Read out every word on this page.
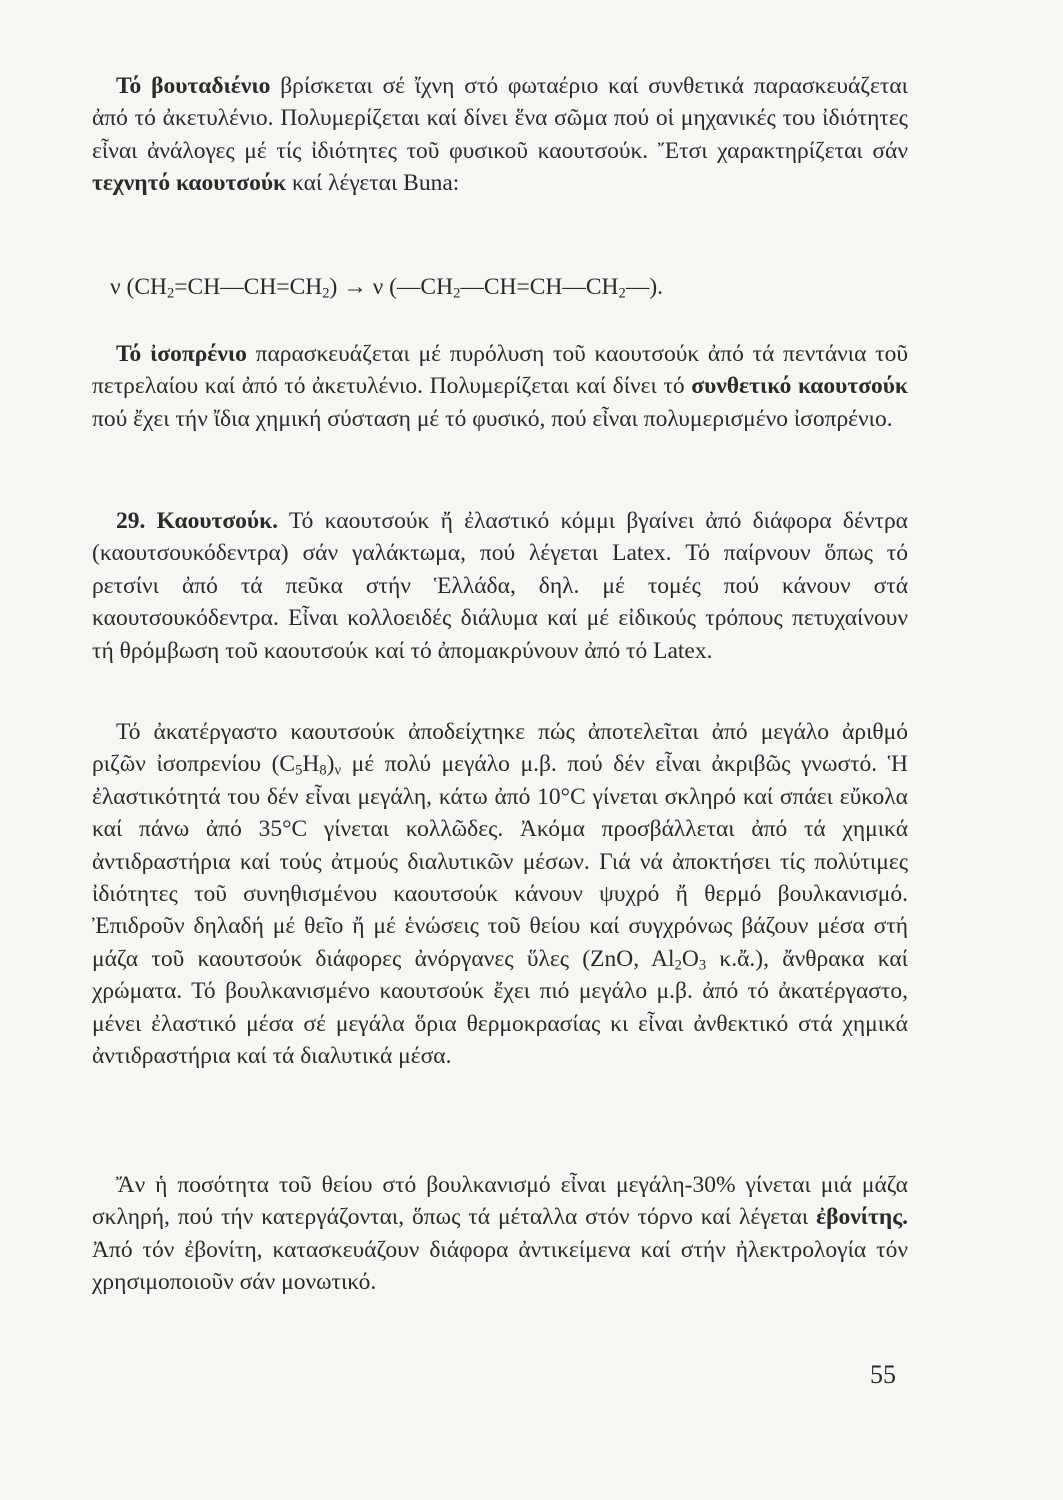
Τό βουταδιένιο βρίσκεται σέ ἴχνη στό φωταέριο καί συνθετικά παρασκευάζεται ἀπό τό ἀκετυλένιο. Πολυμερίζεται καί δίνει ἕνα σῶμα πού οἱ μηχανικές του ἰδιότητες εἶναι ἀνάλογες μέ τίς ἰδιότητες τοῦ φυσικοῦ καουτσούκ. Ἔτσι χαρακτηρίζεται σάν τεχνητό καουτσούκ καί λέγεται Buna:

ν $(CH_2=CH—CH=CH_2) \to \nu$ $(—CH_2—CH=CH—CH_2—)$.

Τό ἰσοπρένιο παρασκευάζεται μέ πυρόλυση τοῦ καουτσούκ ἀπό τά πεντάνια τοῦ πετρελαίου καί ἀπό τό ἀκετυλένιο. Πολυμερίζεται καί δίνει τό συνθετικό καουτσούκ πού ἔχει τήν ἴδια χημική σύσταση μέ τό φυσικό, πού εἶναι πολυμερισμένο ἰσοπρένιο.

29. Καουτσούκ. Τό καουτσούκ ἤ ἐλαστικό κόμμι βγαίνει ἀπό διάφορα δέντρα (καουτσουκόδεντρα) σάν γαλάκτωμα, πού λέγεται Latex. Τό παίρνουν ὅπως τό ρετσίνι ἀπό τά πεῦκα στήν Ἑλλάδα, δηλ. μέ τομές πού κάνουν στά καουτσουκόδεντρα. Εἶναι κολλοειδές διάλυμα καί μέ εἰδικούς τρόπους πετυχαίνουν τή θρόμβωση τοῦ καουτσούκ καί τό ἀπομακρύνουν ἀπό τό Latex.

Τό ἀκατέργαστο καουτσούκ ἀποδείχτηκε πώς ἀποτελεῖται ἀπό μεγάλο ἀριθμό ριζῶν ἰσοπρενίου $(C_5H_8)_\nu$ μέ πολύ μεγάλο μ.β. πού δέν εἶναι ἀκριβῶς γνωστό. Ἡ ἐλαστικότητά του δέν εἶναι μεγάλη, κάτω ἀπό 10°C γίνεται σκληρό καί σπάει εὔκολα καί πάνω ἀπό 35°C γίνεται κολλῶδες. Ἀκόμα προσβάλλεται ἀπό τά χημικά ἀντιδραστήρια καί τούς ἀτμούς διαλυτικῶν μέσων. Γιά νά ἀποκτήσει τίς πολύτιμες ἰδιότητες τοῦ συνηθισμένου καουτσούκ κάνουν ψυχρό ἤ θερμό βουλκανισμό. Ἐπιδροῦν δηλαδή μέ θεῖο ἤ μέ ἑνώσεις τοῦ θείου καί συγχρόνως βάζουν μέσα στή μάζα τοῦ καουτσούκ διάφορες ἀνόργανες ὕλες (ZnO, $Al_2O_3$ κ.ἄ.), ἄνθρακα καί χρώματα. Τό βουλκανισμένο καουτσούκ ἔχει πιό μεγάλο μ.β. ἀπό τό ἀκατέργαστο, μένει ἐλαστικό μέσα σέ μεγάλα ὅρια θερμοκρασίας κι εἶναι ἀνθεκτικό στά χημικά ἀντιδραστήρια καί τά διαλυτικά μέσα.

Ἄν ἡ ποσότητα τοῦ θείου στό βουλκανισμό εἶναι μεγάλη-30% γίνεται μιά μάζα σκληρή, πού τήν κατεργάζονται, ὅπως τά μέταλλα στόν τόρνο καί λέγεται ἐβονίτης. Ἀπό τόν ἐβονίτη, κατασκευάζουν διάφορα ἀντικείμενα καί στήν ἠλεκτρολογία τόν χρησιμοποιοῦν σάν μονωτικό.

55
